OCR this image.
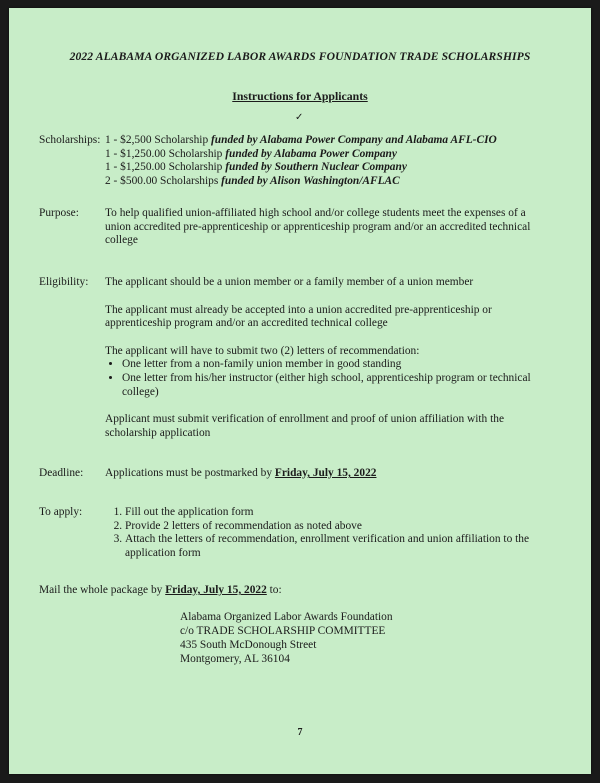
2022 ALABAMA ORGANIZED LABOR AWARDS FOUNDATION TRADE SCHOLARSHIPS
Instructions for Applicants
✓
Scholarships: 1 - $2,500 Scholarship funded by Alabama Power Company and Alabama AFL-CIO
1 - $1,250.00 Scholarship funded by Alabama Power Company
1 - $1,250.00 Scholarship funded by Southern Nuclear Company
2 - $500.00 Scholarships funded by Alison Washington/AFLAC
Purpose: To help qualified union-affiliated high school and/or college students meet the expenses of a union accredited pre-apprenticeship or apprenticeship program and/or an accredited technical college
Eligibility: The applicant should be a union member or a family member of a union member

The applicant must already be accepted into a union accredited pre-apprenticeship or apprenticeship program and/or an accredited technical college

The applicant will have to submit two (2) letters of recommendation:

• One letter from a non-family union member in good standing
• One letter from his/her instructor (either high school, apprenticeship program or technical college)

Applicant must submit verification of enrollment and proof of union affiliation with the scholarship application

Deadline: Applications must be postmarked by Friday, July 15, 2022
To apply:
1.	Fill out the application form
2. Provide 2 letters of recommendation as noted above
3. Attach the letters of recommendation, enrollment verification and union affiliation to the application form
Mail the whole package by Friday, July 15, 2022 to:
Alabama Organized Labor Awards Foundation
c/o TRADE SCHOLARSHIP COMMITTEE
435 South McDonough Street
Montgomery, AL 36104
7
